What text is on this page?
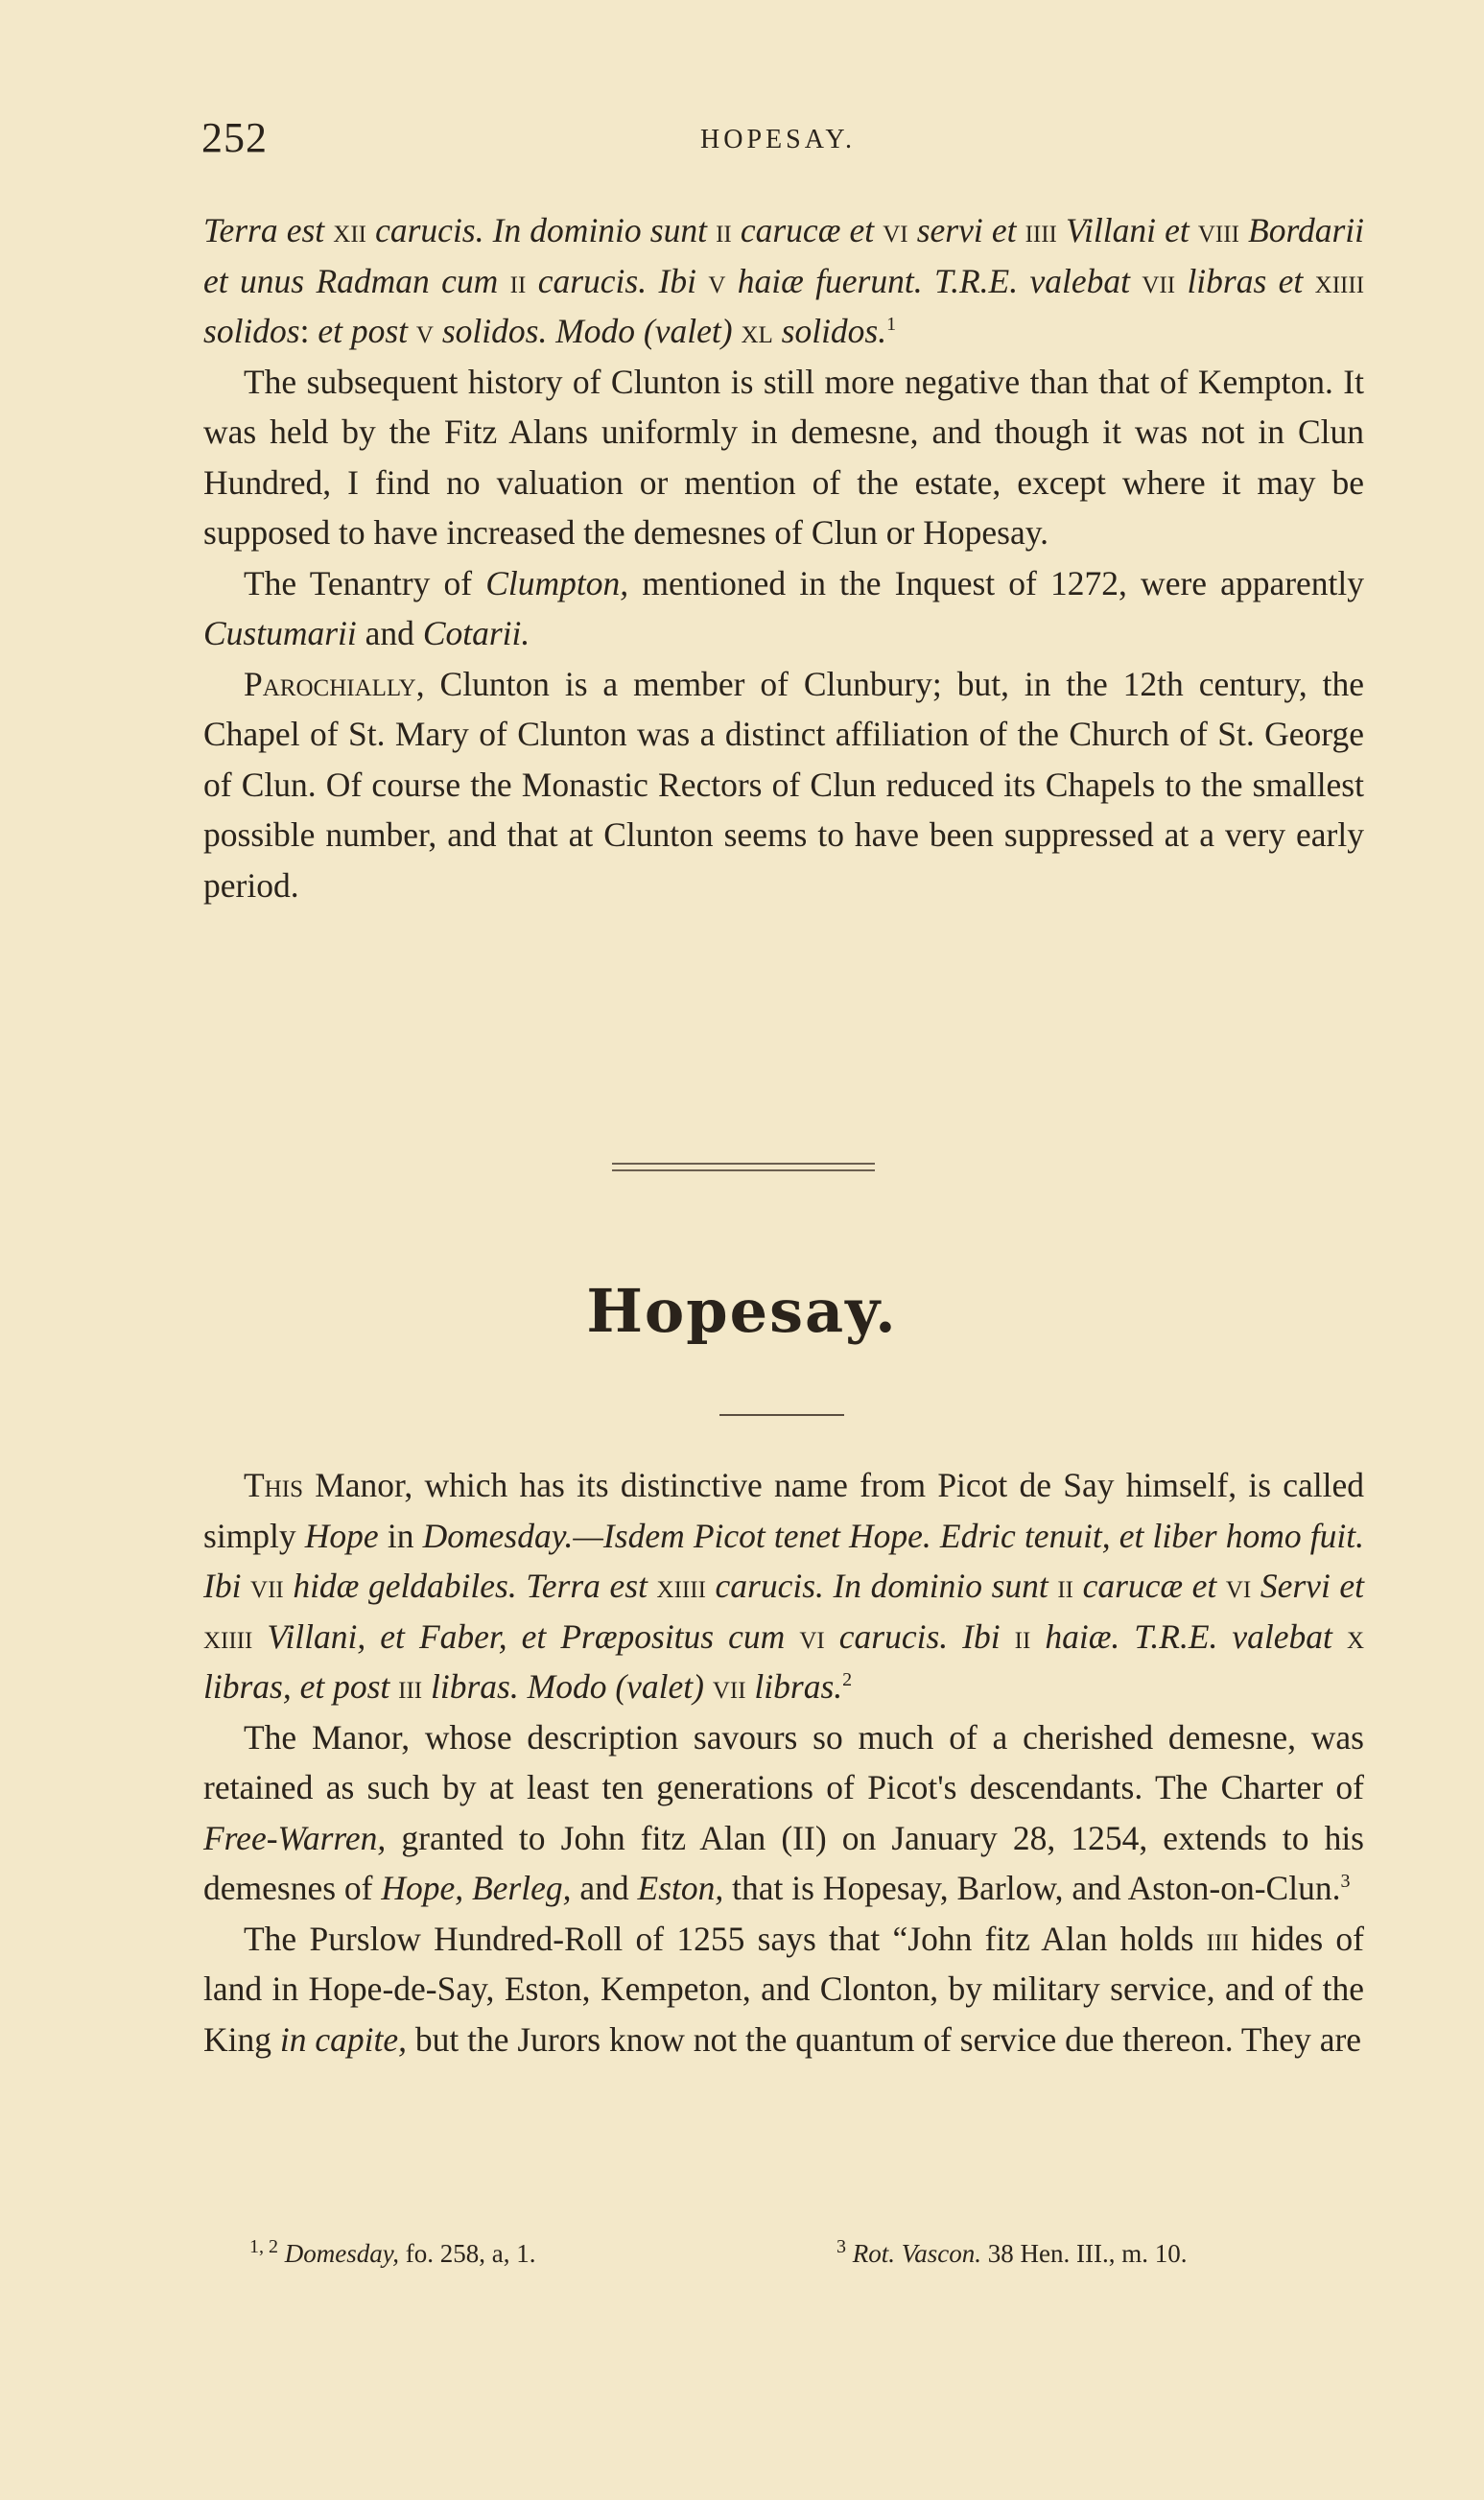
252	HOPESAY.

Terra est xii carucis. In dominio sunt ii carucæ et vi servi et iiii Villani et viii Bordarii et unus Radman cum ii carucis. Ibi v haiæ fuerunt. T.R.E. valebat vii libras et xiiii solidos: et post v solidos. Modo (valet) xl solidos.$^1$

The subsequent history of Clunton is still more negative than that of Kempton. It was held by the Fitz Alans uniformly in demesne, and though it was not in Clun Hundred, I find no valuation or mention of the estate, except where it may be supposed to have increased the demesnes of Clun or Hopesay.

The Tenantry of Clumpton, mentioned in the Inquest of 1272, were apparently Custumarii and Cotarii.

Parochially, Clunton is a member of Clunbury; but, in the 12th century, the Chapel of St. Mary of Clunton was a distinct affiliation of the Church of St. George of Clun. Of course the Monastic Rectors of Clun reduced its Chapels to the smallest possible number, and that at Clunton seems to have been suppressed at a very early period.

Hopesay.

This Manor, which has its distinctive name from Picot de Say himself, is called simply Hope in Domesday.—Isdem Picot tenet Hope. Edric tenuit, et liber homo fuit. Ibi vii hidæ geldabiles. Terra est xiiii carucis. In dominio sunt ii carucæ et vi Servi et xiiii Villani, et Faber, et Præpositus cum vi carucis. Ibi ii haiæ. T.R.E. valebat x libras, et post iii libras. Modo (valet) vii libras.$^2$

The Manor, whose description savours so much of a cherished demesne, was retained as such by at least ten generations of Picot's descendants. The Charter of Free-Warren, granted to John fitz Alan (II) on January 28, 1254, extends to his demesnes of Hope, Berleg, and Eston, that is Hopesay, Barlow, and Aston-on-Clun.$^3$

The Purslow Hundred-Roll of 1255 says that “John fitz Alan holds iiii hides of land in Hope-de-Say, Eston, Kempeton, and Clonton, by military service, and of the King in capite, but the Jurors know not the quantum of service due thereon. They are

$^{1, 2}$ Domesday, fo. 258, a, 1.	$^3$ Rot. Vascon. 38 Hen. III., m. 10.
